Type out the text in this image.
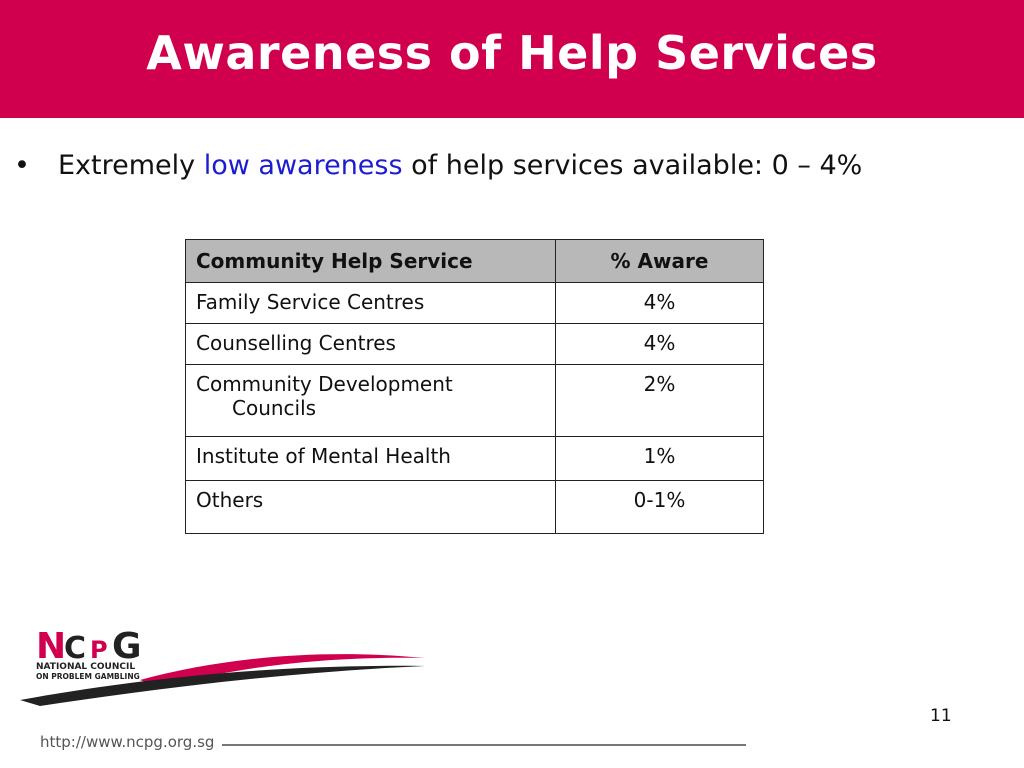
Awareness of Help Services
• Extremely low awareness of help services available: 0 – 4%
Community Help Service	% Aware
Family Service Centres	4%
Counselling Centres	4%

Community Development
Councils	2%
Institute of Mental Health	1%
Others	0-1%
N
C P G
NATIONAL COUNCIL
ON PROBLEM GAMBLING
11
http://www.ncpg.org.sg
